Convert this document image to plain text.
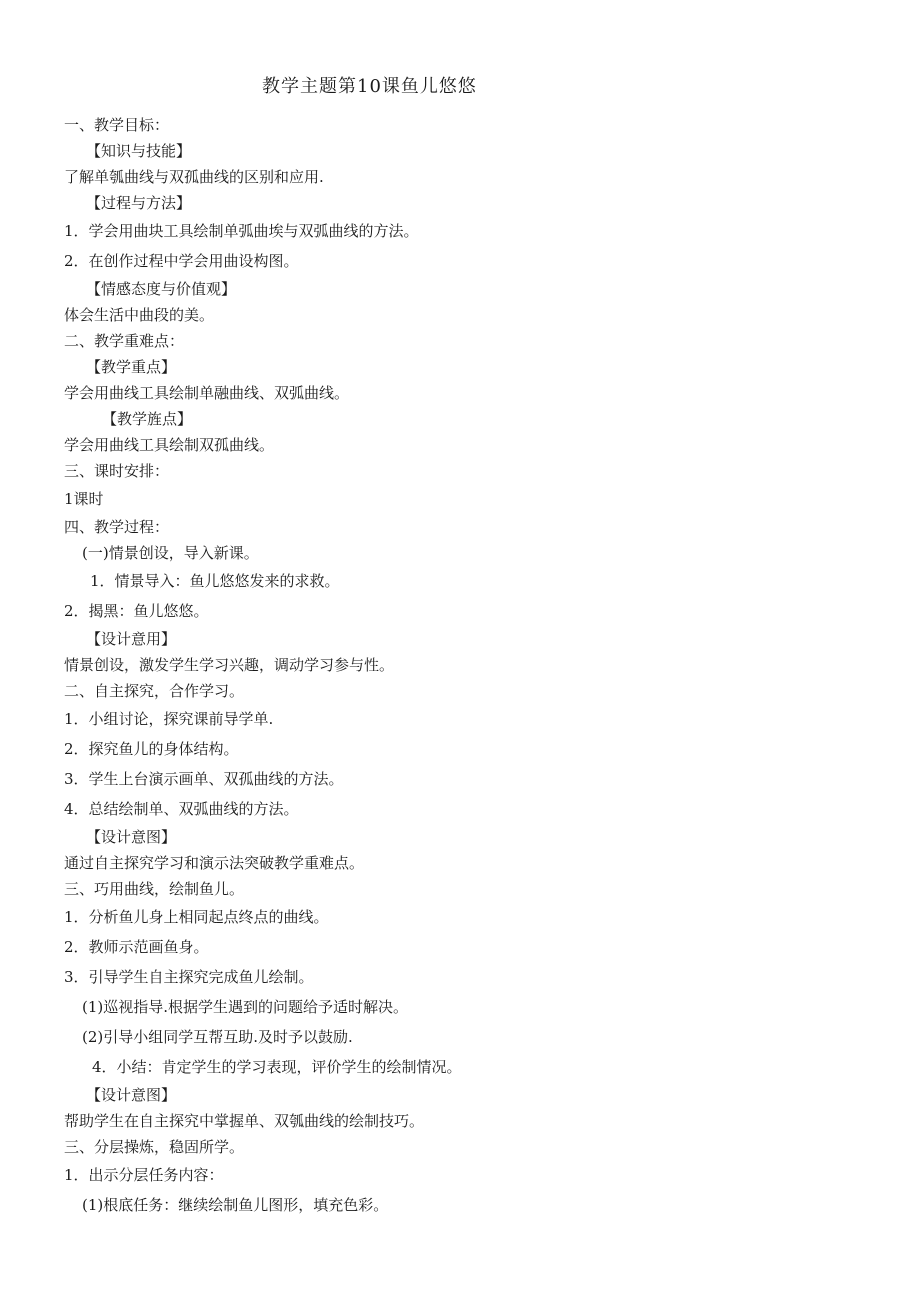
教学主题第10课鱼儿悠悠
一、教学目标：
【知识与技能】
了解单瓠曲线与双孤曲线的区别和应用.
【过程与方法】
1．学会用曲块工具绘制单弧曲埃与双弧曲线的方法。
2．在创作过程中学会用曲设构图。
【情感态度与价值观】
体会生活中曲段的美。
二、教学重难点：
【教学重点】
学会用曲线工具绘制单融曲线、双弧曲线。
【教学旌点】
学会用曲线工具绘制双孤曲线。
三、课时安排：
1课时
四、教学过程：
(一)情景创设，导入新课。
1．情景导入：鱼儿悠悠发来的求救。
2．揭黑：鱼儿悠悠。
【设计意用】
情景创设，激发学生学习兴趣，调动学习参与性。
二、自主探究，合作学习。
1．小组讨论，探究课前导学单.
2．探究鱼儿的身体结构。
3．学生上台演示画单、双孤曲线的方法。
4．总结绘制单、双弧曲线的方法。
【设计意图】
通过自主探究学习和演示法突破教学重难点。
三、巧用曲线，绘制鱼儿。
1．分析鱼儿身上相同起点终点的曲线。
2．教师示范画鱼身。
3．引导学生自主探究完成鱼儿绘制。
(1)巡视指导.根据学生遇到的问题给予适时解决。
(2)引导小组同学互帮互助.及时予以鼓励.
4．小结：肯定学生的学习表现，评价学生的绘制情况。
【设计意图】
帮助学生在自主探究中掌握单、双瓠曲线的绘制技巧。
三、分层操炼，稳固所学。
1．出示分层任务内容：
(1)根底任务：继续绘制鱼儿图形，填充色彩。
